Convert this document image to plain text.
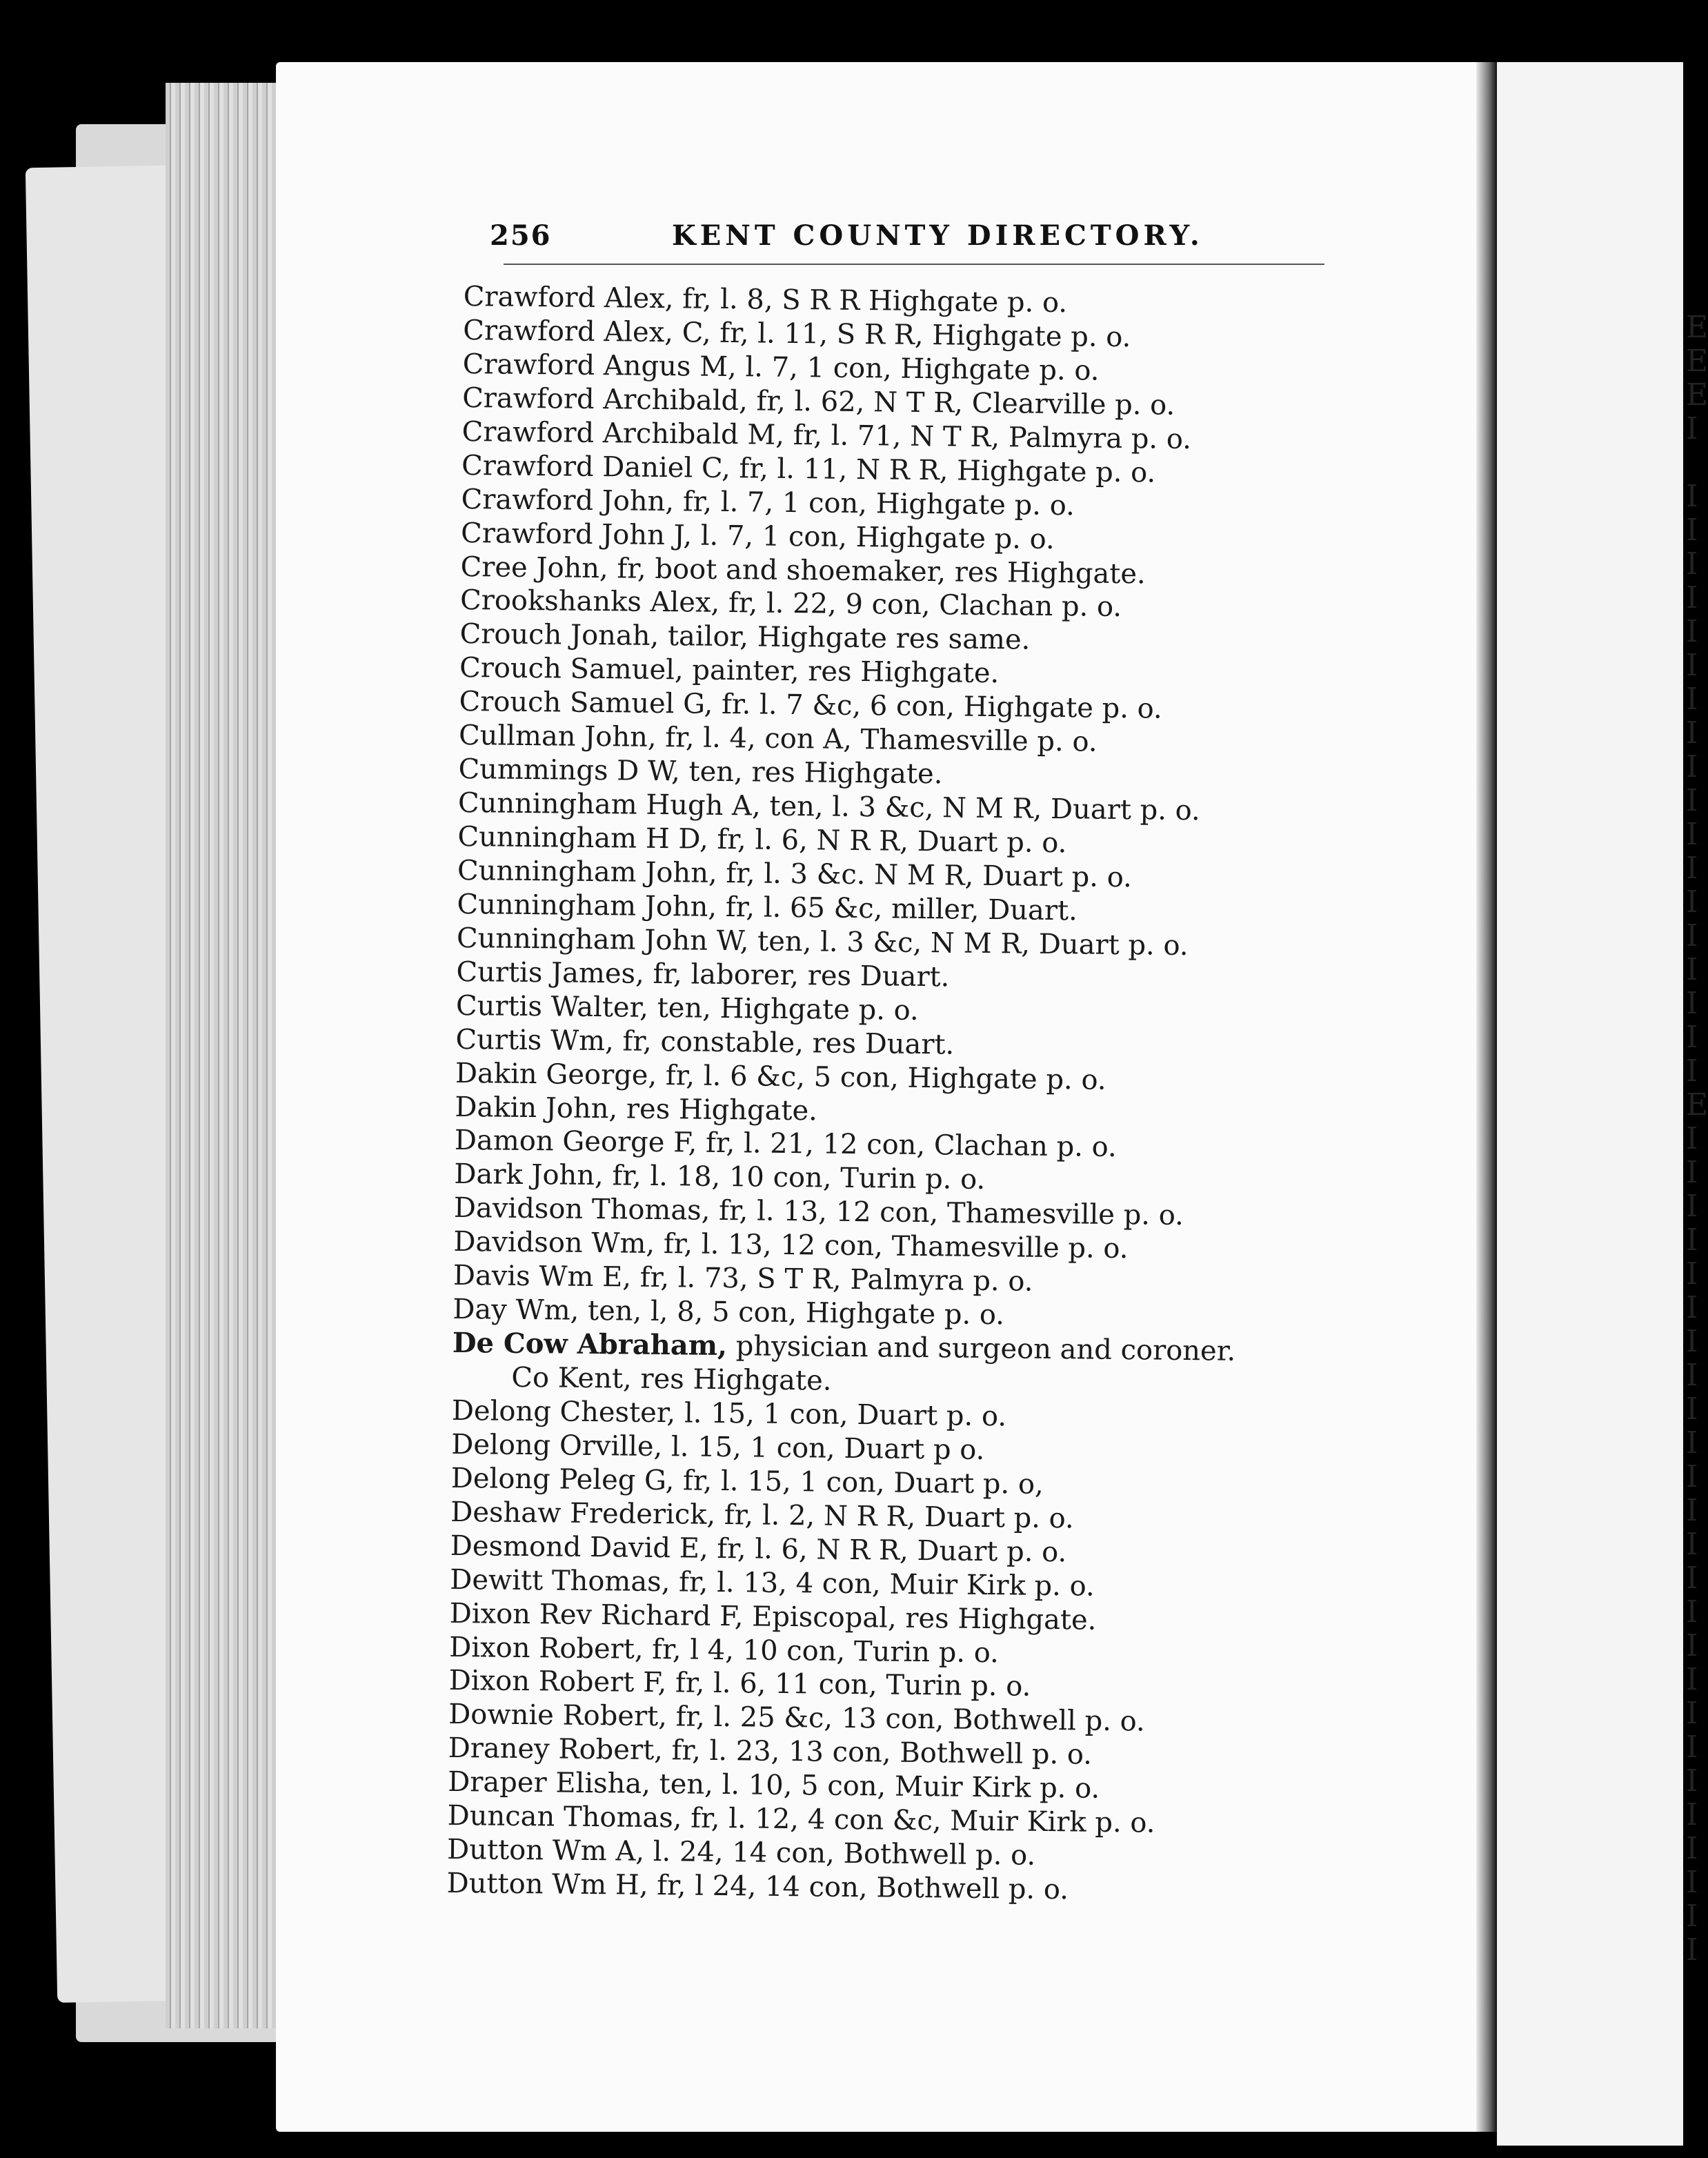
E
E
E
I
I
I
I
I
I
I
I
I
I
I
I
I
I
I
I
I
I
I
E
I
I
I
I
I
I
I
I
I
I
I
I
I
I
I
I
I
I
I
I
I
I
I
I
I
256	KENT COUNTY DIRECTORY.
Crawford Alex, fr, l. 8, S R R Highgate p. o.
Crawford Alex, C, fr, l. 11, S R R, Highgate p. o.
Crawford Angus M, l. 7, 1 con, Highgate p. o.
Crawford Archibald, fr, l. 62, N T R, Clearville p. o.
Crawford Archibald M, fr, l. 71, N T R, Palmyra p. o.
Crawford Daniel C, fr, l. 11, N R R, Highgate p. o.
Crawford John, fr, l. 7, 1 con, Highgate p. o.
Crawford John J, l. 7, 1 con, Highgate p. o.
Cree John, fr, boot and shoemaker, res Highgate.
Crookshanks Alex, fr, l. 22, 9 con, Clachan p. o.
Crouch Jonah, tailor, Highgate res same.
Crouch Samuel, painter, res Highgate.
Crouch Samuel G, fr. l. 7 &c, 6 con, Highgate p. o.
Cullman John, fr, l. 4, con A, Thamesville p. o.
Cummings D W, ten, res Highgate.
Cunningham Hugh A, ten, l. 3 &c, N M R, Duart p. o.
Cunningham H D, fr, l. 6, N R R, Duart p. o.
Cunningham John, fr, l. 3 &c. N M R, Duart p. o.
Cunningham John, fr, l. 65 &c, miller, Duart.
Cunningham John W, ten, l. 3 &c, N M R, Duart p. o.
Curtis James, fr, laborer, res Duart.
Curtis Walter, ten, Highgate p. o.
Curtis Wm, fr, constable, res Duart.
Dakin George, fr, l. 6 &c, 5 con, Highgate p. o.
Dakin John, res Highgate.
Damon George F, fr, l. 21, 12 con, Clachan p. o.
Dark John, fr, l. 18, 10 con, Turin p. o.
Davidson Thomas, fr, l. 13, 12 con, Thamesville p. o.
Davidson Wm, fr, l. 13, 12 con, Thamesville p. o.
Davis Wm E, fr, l. 73, S T R, Palmyra p. o.
Day Wm, ten, l, 8, 5 con, Highgate p. o.
De Cow Abraham, physician and surgeon and coroner.
Co Kent, res Highgate.
Delong Chester, l. 15, 1 con, Duart p. o.
Delong Orville, l. 15, 1 con, Duart p o.
Delong Peleg G, fr, l. 15, 1 con, Duart p. o,
Deshaw Frederick, fr, l. 2, N R R, Duart p. o.
Desmond David E, fr, l. 6, N R R, Duart p. o.
Dewitt Thomas, fr, l. 13, 4 con, Muir Kirk p. o.
Dixon Rev Richard F, Episcopal, res Highgate.
Dixon Robert, fr, l 4, 10 con, Turin p. o.
Dixon Robert F, fr, l. 6, 11 con, Turin p. o.
Downie Robert, fr, l. 25 &c, 13 con, Bothwell p. o.
Draney Robert, fr, l. 23, 13 con, Bothwell p. o.
Draper Elisha, ten, l. 10, 5 con, Muir Kirk p. o.
Duncan Thomas, fr, l. 12, 4 con &c, Muir Kirk p. o.
Dutton Wm A, l. 24, 14 con, Bothwell p. o.
Dutton Wm H, fr, l 24, 14 con, Bothwell p. o.
